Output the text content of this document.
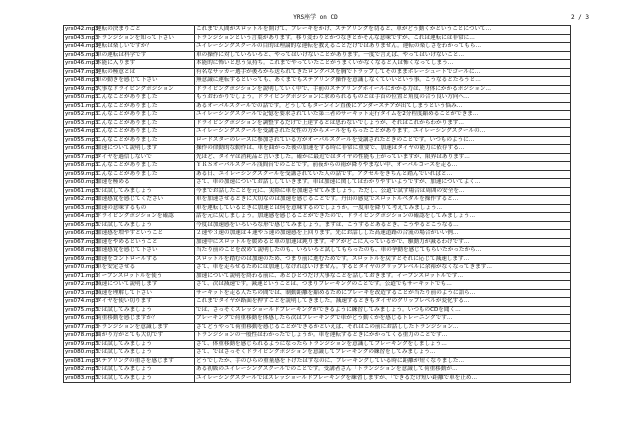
YRS座学 on CD	2 / 3
yrs042.mp3	運転の決まりごと	これまで人間がスロットルを開けて、ブレーキをかけ、ステアリングを切ると、車がどう動くかということについて…
yrs043.mp3	トランジションを知って下さい	トランジションという言葉があります。移り変わりとかつなぎとかそんな意味ですが、これは運転には非常に…
yrs044.mp3	運転は楽しいですか？	ユイレーシングスクールの目的は理論的な運転を教えることだけではありません。運転の楽しさをわかってもら…
yrs045.mp3	車の運転は科学です	車の操作に対していろいろと、やってはいけないことがあります。一度で言えば、やってはいけないこと…
yrs046.mp3	本能に入ります	本能的に怖いと思う気持ち。これまでやっていたことがうまくいかなくなると人は怖くなってしまう…
yrs047.mp3	運転の極意とは	有名なサッカー選手が後ろから送られてきたロングパスを胸でトラップしてそのままボレーシュートでゴールに…
yrs048.mp3	車の動きを感じて下さい	無意識に運転するといっても、あくまでもステアリング操作を意識しなくていいという事。こうなるとたろうと…
yrs049.mp3	大事なドライビングポジション	ドライビングポジションを説明していく中で、手前のステアリングホイールにかかる力は、身体にかかるポジション…
yrs050.mp3	こんなことがありました	もうおわかりでしょう。ドライビングポジションに求められるものとは手首の位置と角度の合う良い方向へ…
yrs051.mp3	こんなことがありました	あるオーバルスクールでの話です。どうしてもターンイン直後にアンダーステアが出てしまうという悩み…
yrs052.mp3	こんなことがありました	ユイレーシングスクールで記憶を要求されていた第三者のサーキット走行タイムを2分程度縮めることができま…
yrs053.mp3	こんなことがありました	ドライビングポジションを調整するだけで上達するとは思わないでしょうが、それはこれからわかります…
yrs054.mp3	こんなことがありました	ユイレーシングスクールを受講された女性の方からメールをもらったことがあります。ユイレーシングスクールの…
yrs055.mp3	こんなことがありました	ロードスターのレースに参加されている方がオーバルスクールを受講されたときのことです。いつものように…
yrs056.mp3	加速について説明します	操作の律動的な動作は、車を曲がった後の加速をする時に非常に重要で、加速はタイヤの能力に依存する…
yrs057.mp3	タイヤを過信しないで	先ほど、タイヤは消耗品と言いました。確かに最近ではタイヤの性能も上がっていますが、限界はあります…
yrs058.mp3	こんなことがありました	ＹＲＳオーバルスクール浅間台でのことです。前夜からの雨が降りやまない中、オーバルコースを走る…
yrs059.mp3	こんなことがありました	ある日、ユイレーシングスクールを受講されていた人の話です。アクセルをきちんと踏んでいればと…
yrs060.mp3	加速を極める	さて、車の加速についてお話ししていきます。車は加速に関してはわかりやすいようですが、加速についてよく…
yrs061.mp3	では試してみましょう	今までお話したことを元に、実際に車を加速させてみましょう。ただし、公道で試す場合は周囲の安全を…
yrs062.mp3	加速感覚を感じてください	車を加速させるときに大切なのは加速を感じることです。丹田の感覚でスロットルペダルを操作すると…
yrs063.mp3	加速の意味するもの	車を運転しているときに加速とは何を意味するのでしょうか。一度車を降りて考えてみましょう…
yrs064.mp3	ドライビングポジションを確認	話を元に戻しましょう。加速感を感じることができたので、ドライビングポジションの確認をしてみましょう…
yrs065.mp3	では試してみましょう	今度は加速感をいろいろな形で感じてみましょう。まずは、こうするとあるとき、こうやるとこうなる…
yrs066.mp3	加速感を増やすということ	２速や３速の加速は４速や５速の加速感を上回ります。先にお話しした高速道路の合流の場合がいい例…
yrs067.mp3	加速をやめるということ	加速中にスロットルを緩めると車の加速は鈍ります。ギアがどこに入っているかで、駆動力が減るわけです…
yrs068.mp3	加速感覚を感じて下さい	当たり前のことを改めて説明したのも、いろいろと試してもらったのも、車の挙動を感じてもらいたかったから…
yrs069.mp3	加速をコントロールする	スロットルを踏むのは加速のため、つまり前に進むためです。スロットルを戻すとそれに応じて減速します…
yrs070.mp3	車を安定させる	さて、車を走らせるためには加速しなければいけません。するとタイヤのグリップレベルに余裕がなくなってきます…
yrs071.mp3	イーブンスロットルを使う	加速について説明を終わる前に、あとひとつだけ大事なことを話しておきます。イーブンスロットルです…
yrs072.mp3	減速について説明します	さて、次は減速です。減速ということは、つまりブレーキングのことです。公道でもサーキットでも…
yrs073.mp3	減速を理解して下さい	サーキットを走る人たちの間では、制動距離を縮めるためにブレーキを改造することが当たり前のように語ら…
yrs074.mp3	タイヤを使い切ります	これまでタイヤが路面を押すことを説明してきました。減速するときもタイヤのグリップレベルが変化する…
yrs075.mp3	では試してみましょう	では、さっそくスレッショールドブレーキングができるように練習してみましょう。いつものCDを聞く…
yrs076.mp3	荷重移動を感じますか？	ブレーキングで荷重移動を体感したら次はブレーキングで車がどう動くかを感じるトレーニングです…
yrs077.mp3	トランジションを意識します	さてどうやって荷重移動を感じることができるかといえば、それはこの前にお話ししたトランジション…
yrs078.mp3	曲がり方がとても大切です	トランジションの一般性はわかったでしょうか。車を運転するときにかかってくる重力のことです…
yrs079.mp3	では試してみましょう	さて、体重移動を感じられるようになったらトランジションを意識してブレーキングをしましょう…
yrs080.mp3	では試してみましょう	さて、ではさっそくドライビングポジションを意識してブレーキングの練習をしてみましょう…
yrs081.mp3	ステアリングの重さを感じます	どうでしたか、手のひらの重量感を下げたはずなのに、ブレーキングしている時に距離が短くなりました…
yrs082.mp3	では試してみましょう	ある初級のユイレーシングスクールでのことです。受講者さん「トランジションを意識して荷重移動が…
yrs083.mp3	では試してみましょう	ユイレーシングスクールではスレッショールドブレーキングを練習しますが、「できるだけ短い距離で車を止め…
